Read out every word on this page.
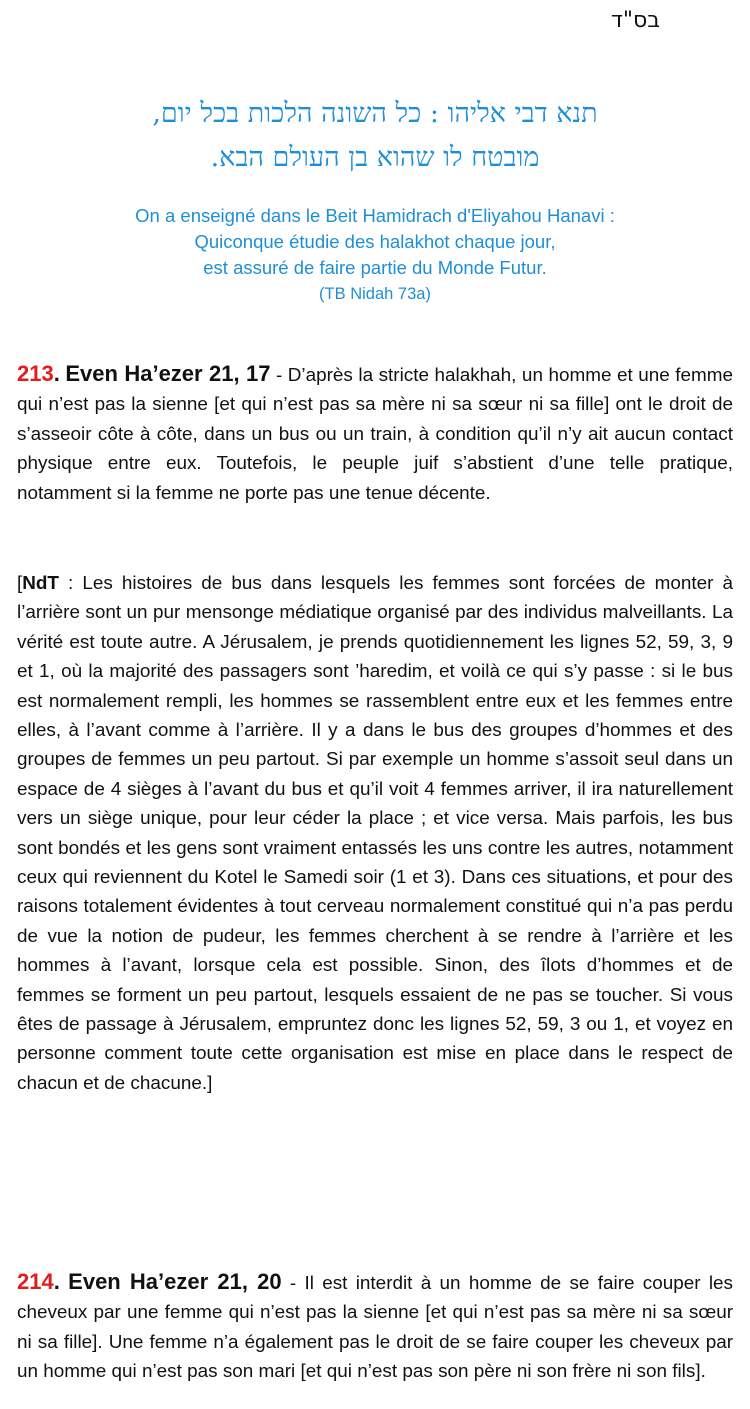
בס"ד
תנא דבי אליהו : כל השונה הלכות בכל יום,
מובטח לו שהוא בן העולם הבא.
On a enseigné dans le Beit Hamidrach d'Eliyahou Hanavi :
Quiconque étudie des halakhot chaque jour,
est assuré de faire partie du Monde Futur.
(TB Nidah 73a)

213. Even Ha’ezer 21, 17 - D’après la stricte halakhah, un homme et une femme qui n’est pas la sienne [et qui n’est pas sa mère ni sa sœur ni sa fille] ont le droit de s’asseoir côte à côte, dans un bus ou un train, à condition qu’il n’y ait aucun contact physique entre eux. Toutefois, le peuple juif s’abstient d’une telle pratique, notamment si la femme ne porte pas une tenue décente.

[NdT : Les histoires de bus dans lesquels les femmes sont forcées de monter à l’arrière sont un pur mensonge médiatique organisé par des individus malveillants. La vérité est toute autre. A Jérusalem, je prends quotidiennement les lignes 52, 59, 3, 9 et 1, où la majorité des passagers sont ’haredim, et voilà ce qui s’y passe : si le bus est normalement rempli, les hommes se rassemblent entre eux et les femmes entre elles, à l’avant comme à l’arrière. Il y a dans le bus des groupes d’hommes et des groupes de femmes un peu partout. Si par exemple un homme s’assoit seul dans un espace de 4 sièges à l’avant du bus et qu’il voit 4 femmes arriver, il ira naturellement vers un siège unique, pour leur céder la place ; et vice versa. Mais parfois, les bus sont bondés et les gens sont vraiment entassés les uns contre les autres, notamment ceux qui reviennent du Kotel le Samedi soir (1 et 3). Dans ces situations, et pour des raisons totalement évidentes à tout cerveau normalement constitué qui n’a pas perdu de vue la notion de pudeur, les femmes cherchent à se rendre à l’arrière et les hommes à l’avant, lorsque cela est possible. Sinon, des îlots d’hommes et de femmes se forment un peu partout, lesquels essaient de ne pas se toucher. Si vous êtes de passage à Jérusalem, empruntez donc les lignes 52, 59, 3 ou 1, et voyez en personne comment toute cette organisation est mise en place dans le respect de chacun et de chacune.]

214. Even Ha’ezer 21, 20 - Il est interdit à un homme de se faire couper les cheveux par une femme qui n’est pas la sienne [et qui n’est pas sa mère ni sa sœur ni sa fille]. Une femme n’a également pas le droit de se faire couper les cheveux par un homme qui n’est pas son mari [et qui n’est pas son père ni son frère ni son fils].
